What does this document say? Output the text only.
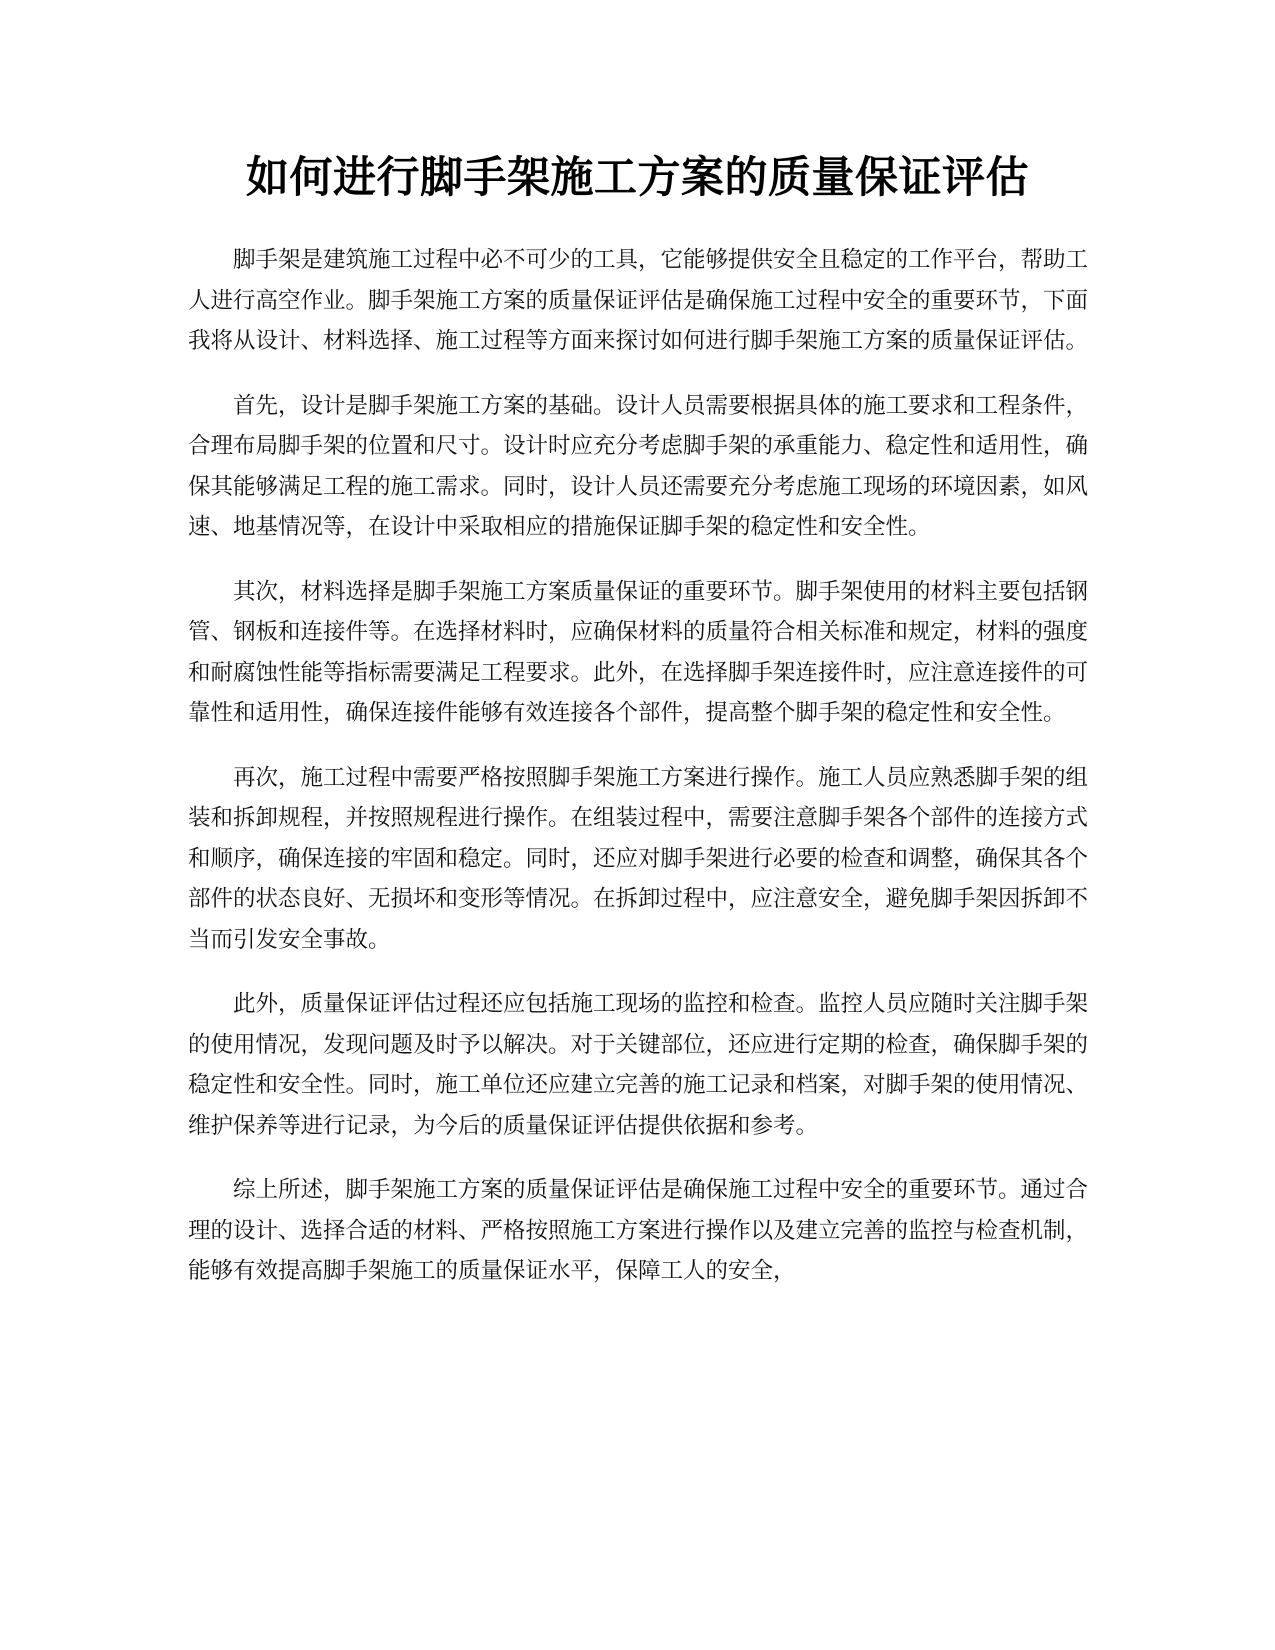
如何进行脚手架施工方案的质量保证评估

脚手架是建筑施工过程中必不可少的工具，它能够提供安全且稳定的工作平台，帮助工人进行高空作业。脚手架施工方案的质量保证评估是确保施工过程中安全的重要环节，下面我将从设计、材料选择、施工过程等方面来探讨如何进行脚手架施工方案的质量保证评估。

首先，设计是脚手架施工方案的基础。设计人员需要根据具体的施工要求和工程条件，合理布局脚手架的位置和尺寸。设计时应充分考虑脚手架的承重能力、稳定性和适用性，确保其能够满足工程的施工需求。同时，设计人员还需要充分考虑施工现场的环境因素，如风速、地基情况等，在设计中采取相应的措施保证脚手架的稳定性和安全性。

其次，材料选择是脚手架施工方案质量保证的重要环节。脚手架使用的材料主要包括钢管、钢板和连接件等。在选择材料时，应确保材料的质量符合相关标准和规定，材料的强度和耐腐蚀性能等指标需要满足工程要求。此外，在选择脚手架连接件时，应注意连接件的可靠性和适用性，确保连接件能够有效连接各个部件，提高整个脚手架的稳定性和安全性。

再次，施工过程中需要严格按照脚手架施工方案进行操作。施工人员应熟悉脚手架的组装和拆卸规程，并按照规程进行操作。在组装过程中，需要注意脚手架各个部件的连接方式和顺序，确保连接的牢固和稳定。同时，还应对脚手架进行必要的检查和调整，确保其各个部件的状态良好、无损坏和变形等情况。在拆卸过程中，应注意安全，避免脚手架因拆卸不当而引发安全事故。

此外，质量保证评估过程还应包括施工现场的监控和检查。监控人员应随时关注脚手架的使用情况，发现问题及时予以解决。对于关键部位，还应进行定期的检查，确保脚手架的稳定性和安全性。同时，施工单位还应建立完善的施工记录和档案，对脚手架的使用情况、维护保养等进行记录，为今后的质量保证评估提供依据和参考。

综上所述，脚手架施工方案的质量保证评估是确保施工过程中安全的重要环节。通过合理的设计、选择合适的材料、严格按照施工方案进行操作以及建立完善的监控与检查机制，能够有效提高脚手架施工的质量保证水平，保障工人的安全，
